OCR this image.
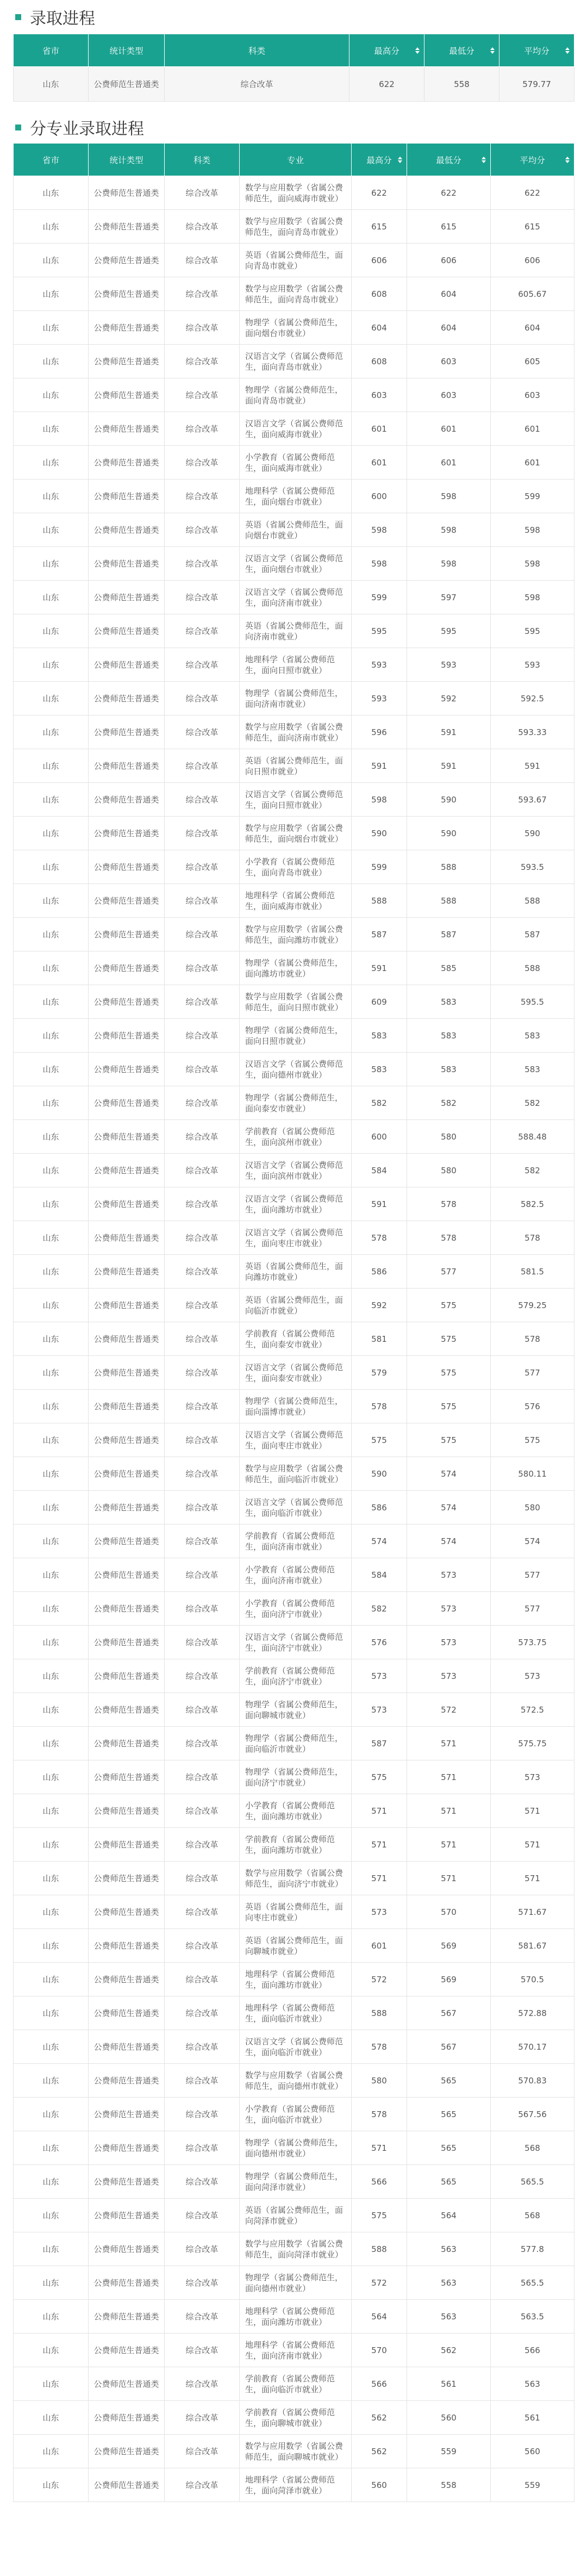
录取进程
省市	统计类型	科类	最高分	最低分	平均分

山东	公费师范生普通类	综合改革	622	558	579.77
分专业录取进程
省市	统计类型	科类	专业	最高分	最低分	平均分

山东	公费师范生普通类	综合改革	数学与应用数学（省属公费师范生，面向威海市就业）	622	622	622
山东	公费师范生普通类	综合改革	数学与应用数学（省属公费师范生，面向青岛市就业）	615	615	615
山东	公费师范生普通类	综合改革	英语（省属公费师范生，面向青岛市就业）	606	606	606
山东	公费师范生普通类	综合改革	数学与应用数学（省属公费师范生，面向青岛市就业）	608	604	605.67
山东	公费师范生普通类	综合改革	物理学（省属公费师范生，面向烟台市就业）	604	604	604
山东	公费师范生普通类	综合改革	汉语言文学（省属公费师范生，面向青岛市就业）	608	603	605
山东	公费师范生普通类	综合改革	物理学（省属公费师范生，面向青岛市就业）	603	603	603
山东	公费师范生普通类	综合改革	汉语言文学（省属公费师范生，面向威海市就业）	601	601	601
山东	公费师范生普通类	综合改革	小学教育（省属公费师范生，面向威海市就业）	601	601	601
山东	公费师范生普通类	综合改革	地理科学（省属公费师范生，面向烟台市就业）	600	598	599
山东	公费师范生普通类	综合改革	英语（省属公费师范生，面向烟台市就业）	598	598	598
山东	公费师范生普通类	综合改革	汉语言文学（省属公费师范生，面向烟台市就业）	598	598	598
山东	公费师范生普通类	综合改革	汉语言文学（省属公费师范生，面向济南市就业）	599	597	598
山东	公费师范生普通类	综合改革	英语（省属公费师范生，面向济南市就业）	595	595	595
山东	公费师范生普通类	综合改革	地理科学（省属公费师范生，面向日照市就业）	593	593	593
山东	公费师范生普通类	综合改革	物理学（省属公费师范生，面向济南市就业）	593	592	592.5
山东	公费师范生普通类	综合改革	数学与应用数学（省属公费师范生，面向济南市就业）	596	591	593.33
山东	公费师范生普通类	综合改革	英语（省属公费师范生，面向日照市就业）	591	591	591
山东	公费师范生普通类	综合改革	汉语言文学（省属公费师范生，面向日照市就业）	598	590	593.67
山东	公费师范生普通类	综合改革	数学与应用数学（省属公费师范生，面向烟台市就业）	590	590	590
山东	公费师范生普通类	综合改革	小学教育（省属公费师范生，面向青岛市就业）	599	588	593.5
山东	公费师范生普通类	综合改革	地理科学（省属公费师范生，面向威海市就业）	588	588	588
山东	公费师范生普通类	综合改革	数学与应用数学（省属公费师范生，面向潍坊市就业）	587	587	587
山东	公费师范生普通类	综合改革	物理学（省属公费师范生，面向潍坊市就业）	591	585	588
山东	公费师范生普通类	综合改革	数学与应用数学（省属公费师范生，面向日照市就业）	609	583	595.5
山东	公费师范生普通类	综合改革	物理学（省属公费师范生，面向日照市就业）	583	583	583
山东	公费师范生普通类	综合改革	汉语言文学（省属公费师范生，面向德州市就业）	583	583	583
山东	公费师范生普通类	综合改革	物理学（省属公费师范生，面向泰安市就业）	582	582	582
山东	公费师范生普通类	综合改革	学前教育（省属公费师范生，面向滨州市就业）	600	580	588.48
山东	公费师范生普通类	综合改革	汉语言文学（省属公费师范生，面向滨州市就业）	584	580	582
山东	公费师范生普通类	综合改革	汉语言文学（省属公费师范生，面向潍坊市就业）	591	578	582.5
山东	公费师范生普通类	综合改革	汉语言文学（省属公费师范生，面向枣庄市就业）	578	578	578
山东	公费师范生普通类	综合改革	英语（省属公费师范生，面向潍坊市就业）	586	577	581.5
山东	公费师范生普通类	综合改革	英语（省属公费师范生，面向临沂市就业）	592	575	579.25
山东	公费师范生普通类	综合改革	学前教育（省属公费师范生，面向泰安市就业）	581	575	578
山东	公费师范生普通类	综合改革	汉语言文学（省属公费师范生，面向泰安市就业）	579	575	577
山东	公费师范生普通类	综合改革	物理学（省属公费师范生，面向淄博市就业）	578	575	576
山东	公费师范生普通类	综合改革	汉语言文学（省属公费师范生，面向枣庄市就业）	575	575	575
山东	公费师范生普通类	综合改革	数学与应用数学（省属公费师范生，面向临沂市就业）	590	574	580.11
山东	公费师范生普通类	综合改革	汉语言文学（省属公费师范生，面向临沂市就业）	586	574	580
山东	公费师范生普通类	综合改革	学前教育（省属公费师范生，面向济南市就业）	574	574	574
山东	公费师范生普通类	综合改革	小学教育（省属公费师范生，面向济南市就业）	584	573	577
山东	公费师范生普通类	综合改革	小学教育（省属公费师范生，面向济宁市就业）	582	573	577
山东	公费师范生普通类	综合改革	汉语言文学（省属公费师范生，面向济宁市就业）	576	573	573.75
山东	公费师范生普通类	综合改革	学前教育（省属公费师范生，面向济宁市就业）	573	573	573
山东	公费师范生普通类	综合改革	物理学（省属公费师范生，面向聊城市就业）	573	572	572.5
山东	公费师范生普通类	综合改革	物理学（省属公费师范生，面向临沂市就业）	587	571	575.75
山东	公费师范生普通类	综合改革	物理学（省属公费师范生，面向济宁市就业）	575	571	573
山东	公费师范生普通类	综合改革	小学教育（省属公费师范生，面向潍坊市就业）	571	571	571
山东	公费师范生普通类	综合改革	学前教育（省属公费师范生，面向潍坊市就业）	571	571	571
山东	公费师范生普通类	综合改革	数学与应用数学（省属公费师范生，面向济宁市就业）	571	571	571
山东	公费师范生普通类	综合改革	英语（省属公费师范生，面向枣庄市就业）	573	570	571.67
山东	公费师范生普通类	综合改革	英语（省属公费师范生，面向聊城市就业）	601	569	581.67
山东	公费师范生普通类	综合改革	地理科学（省属公费师范生，面向潍坊市就业）	572	569	570.5
山东	公费师范生普通类	综合改革	地理科学（省属公费师范生，面向临沂市就业）	588	567	572.88
山东	公费师范生普通类	综合改革	汉语言文学（省属公费师范生，面向临沂市就业）	578	567	570.17
山东	公费师范生普通类	综合改革	数学与应用数学（省属公费师范生，面向德州市就业）	580	565	570.83
山东	公费师范生普通类	综合改革	小学教育（省属公费师范生，面向临沂市就业）	578	565	567.56
山东	公费师范生普通类	综合改革	物理学（省属公费师范生，面向德州市就业）	571	565	568
山东	公费师范生普通类	综合改革	物理学（省属公费师范生，面向菏泽市就业）	566	565	565.5
山东	公费师范生普通类	综合改革	英语（省属公费师范生，面向菏泽市就业）	575	564	568
山东	公费师范生普通类	综合改革	数学与应用数学（省属公费师范生，面向菏泽市就业）	588	563	577.8
山东	公费师范生普通类	综合改革	物理学（省属公费师范生，面向德州市就业）	572	563	565.5
山东	公费师范生普通类	综合改革	地理科学（省属公费师范生，面向潍坊市就业）	564	563	563.5
山东	公费师范生普通类	综合改革	地理科学（省属公费师范生，面向济南市就业）	570	562	566
山东	公费师范生普通类	综合改革	学前教育（省属公费师范生，面向临沂市就业）	566	561	563
山东	公费师范生普通类	综合改革	学前教育（省属公费师范生，面向聊城市就业）	562	560	561
山东	公费师范生普通类	综合改革	数学与应用数学（省属公费师范生，面向聊城市就业）	562	559	560
山东	公费师范生普通类	综合改革	地理科学（省属公费师范生，面向菏泽市就业）	560	558	559
